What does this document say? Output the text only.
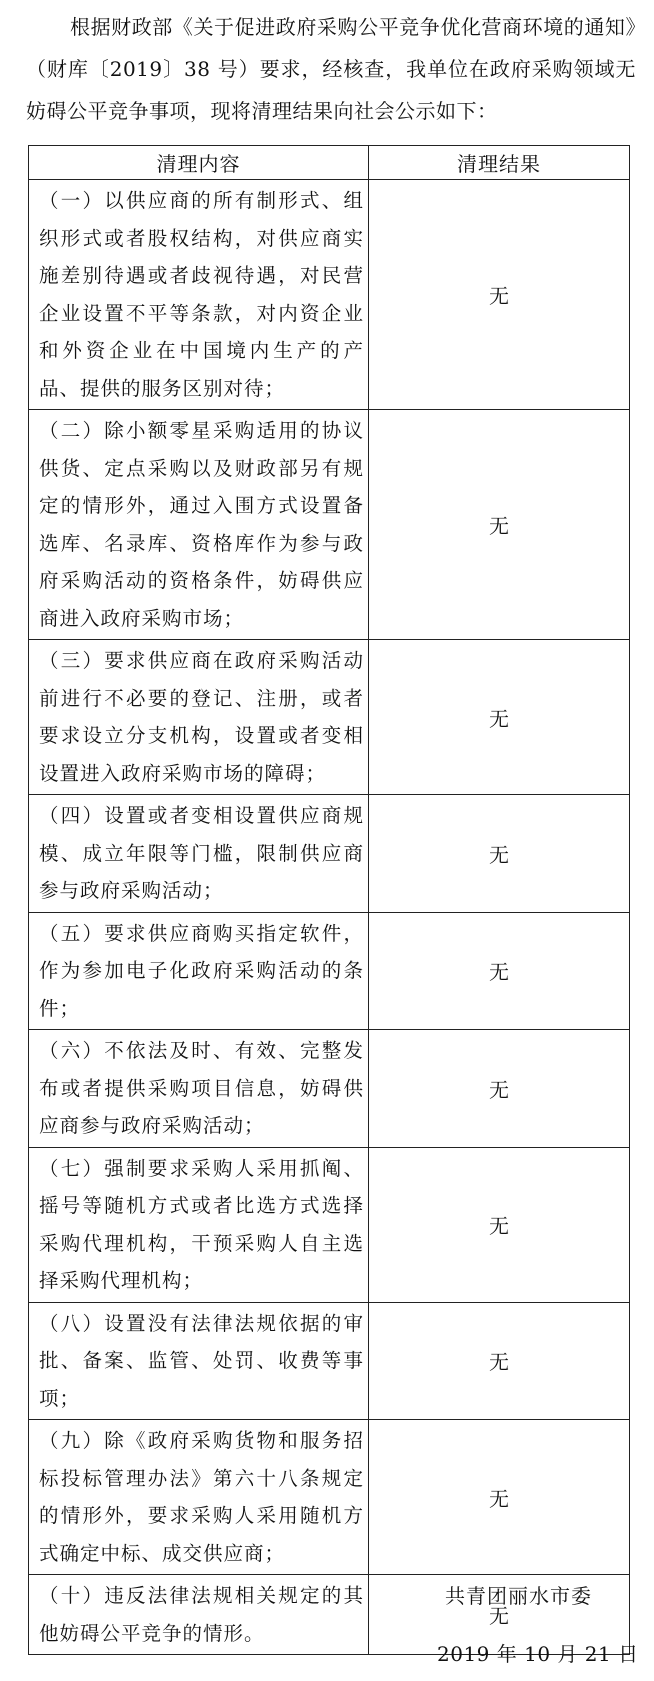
根据财政部《关于促进政府采购公平竞争优化营商环境的通知》（财库〔2019〕38 号）要求，经核查，我单位在政府采购领域无妨碍公平竞争事项，现将清理结果向社会公示如下：

清理内容	清理结果
（一）以供应商的所有制形式、组织形式或者股权结构，对供应商实施差别待遇或者歧视待遇，对民营企业设置不平等条款，对内资企业和外资企业在中国境内生产的产品、提供的服务区别对待；	无
（二）除小额零星采购适用的协议供货、定点采购以及财政部另有规定的情形外，通过入围方式设置备选库、名录库、资格库作为参与政府采购活动的资格条件，妨碍供应商进入政府采购市场；	无
（三）要求供应商在政府采购活动前进行不必要的登记、注册，或者要求设立分支机构，设置或者变相设置进入政府采购市场的障碍；	无
（四）设置或者变相设置供应商规模、成立年限等门槛，限制供应商参与政府采购活动；	无
（五）要求供应商购买指定软件，作为参加电子化政府采购活动的条件；	无
（六）不依法及时、有效、完整发布或者提供采购项目信息，妨碍供应商参与政府采购活动；	无
（七）强制要求采购人采用抓阄、摇号等随机方式或者比选方式选择采购代理机构，干预采购人自主选择采购代理机构；	无
（八）设置没有法律法规依据的审批、备案、监管、处罚、收费等事项；	无
（九）除《政府采购货物和服务招标投标管理办法》第六十八条规定的情形外，要求采购人采用随机方式确定中标、成交供应商；	无
（十）违反法律法规相关规定的其他妨碍公平竞争的情形。	无
共青团丽水市委
2019 年 10 月 21 日
